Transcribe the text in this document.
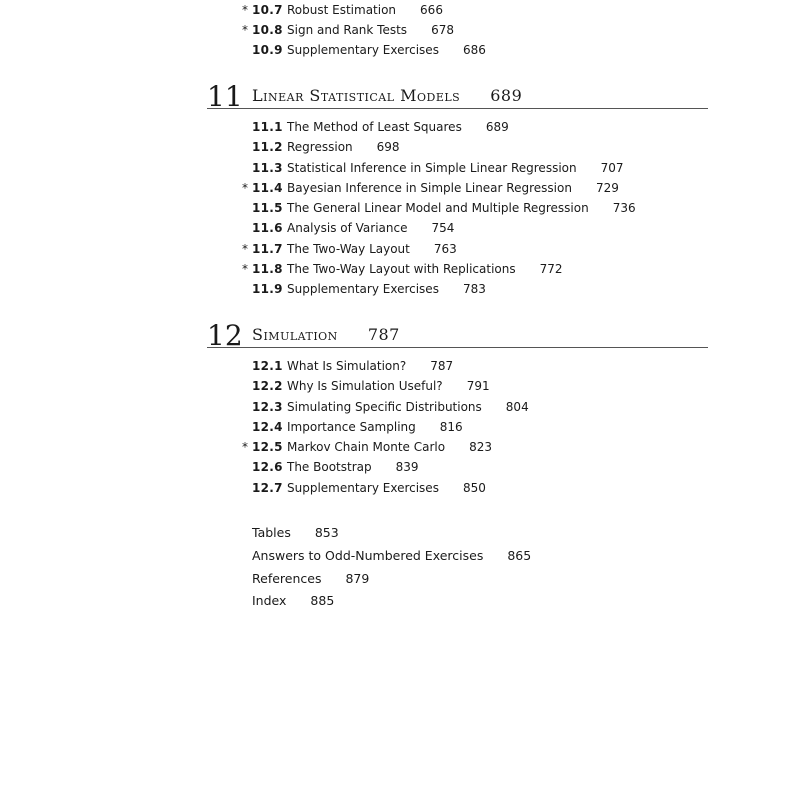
* 10.7 Robust Estimation 666
* 10.8 Sign and Rank Tests 678
10.9 Supplementary Exercises 686
11 Linear Statistical Models 689
11.1 The Method of Least Squares 689
11.2 Regression 698
11.3 Statistical Inference in Simple Linear Regression 707
* 11.4 Bayesian Inference in Simple Linear Regression 729
11.5 The General Linear Model and Multiple Regression 736
11.6 Analysis of Variance 754
* 11.7 The Two-Way Layout 763
* 11.8 The Two-Way Layout with Replications 772
11.9 Supplementary Exercises 783
12 Simulation 787
12.1 What Is Simulation? 787
12.2 Why Is Simulation Useful? 791
12.3 Simulating Specific Distributions 804
12.4 Importance Sampling 816
* 12.5 Markov Chain Monte Carlo 823
12.6 The Bootstrap 839
12.7 Supplementary Exercises 850
Tables 853
Answers to Odd-Numbered Exercises 865
References 879
Index 885
